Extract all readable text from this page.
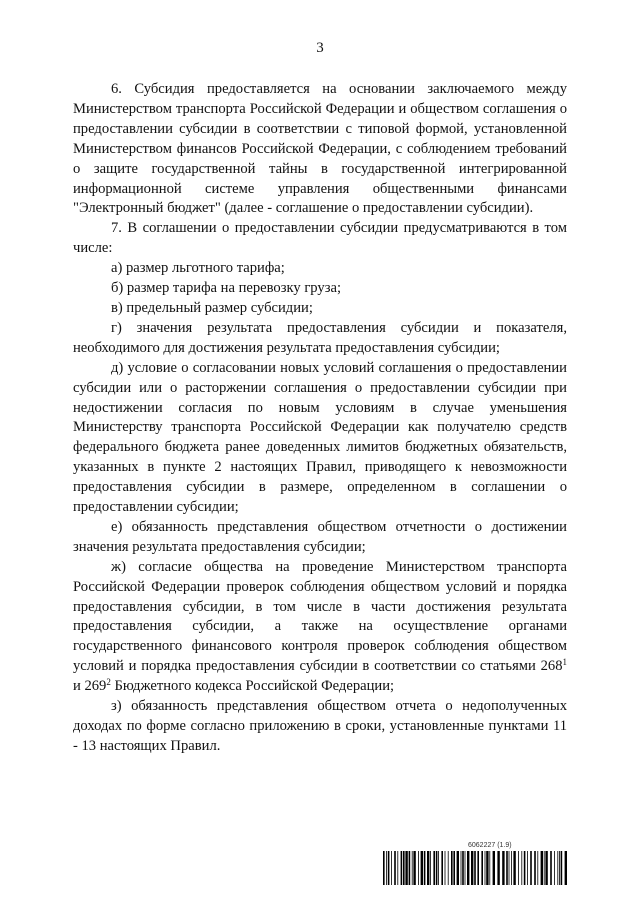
3

6. Субсидия предоставляется на основании заключаемого между Министерством транспорта Российской Федерации и обществом соглашения о предоставлении субсидии в соответствии с типовой формой, установленной Министерством финансов Российской Федерации, с соблюдением требований о защите государственной тайны в государственной интегрированной информационной системе управления общественными финансами "Электронный бюджет" (далее - соглашение о предоставлении субсидии).

7. В соглашении о предоставлении субсидии предусматриваются в том числе:

а) размер льготного тарифа;

б) размер тарифа на перевозку груза;

в) предельный размер субсидии;

г) значения результата предоставления субсидии и показателя, необходимого для достижения результата предоставления субсидии;

д) условие о согласовании новых условий соглашения о предоставлении субсидии или о расторжении соглашения о предоставлении субсидии при недостижении согласия по новым условиям в случае уменьшения Министерству транспорта Российской Федерации как получателю средств федерального бюджета ранее доведенных лимитов бюджетных обязательств, указанных в пункте 2 настоящих Правил, приводящего к невозможности предоставления субсидии в размере, определенном в соглашении о предоставлении субсидии;

е) обязанность представления обществом отчетности о достижении значения результата предоставления субсидии;

ж) согласие общества на проведение Министерством транспорта Российской Федерации проверок соблюдения обществом условий и порядка предоставления субсидии, в том числе в части достижения результата предоставления субсидии, а также на осуществление органами государственного финансового контроля проверок соблюдения обществом условий и порядка предоставления субсидии в соответствии со статьями $268^1$ и $269^2$ Бюджетного кодекса Российской Федерации;

з) обязанность представления обществом отчета о недополученных доходах по форме согласно приложению в сроки, установленные пунктами 11 - 13 настоящих Правил.

6062227 (1.9)
